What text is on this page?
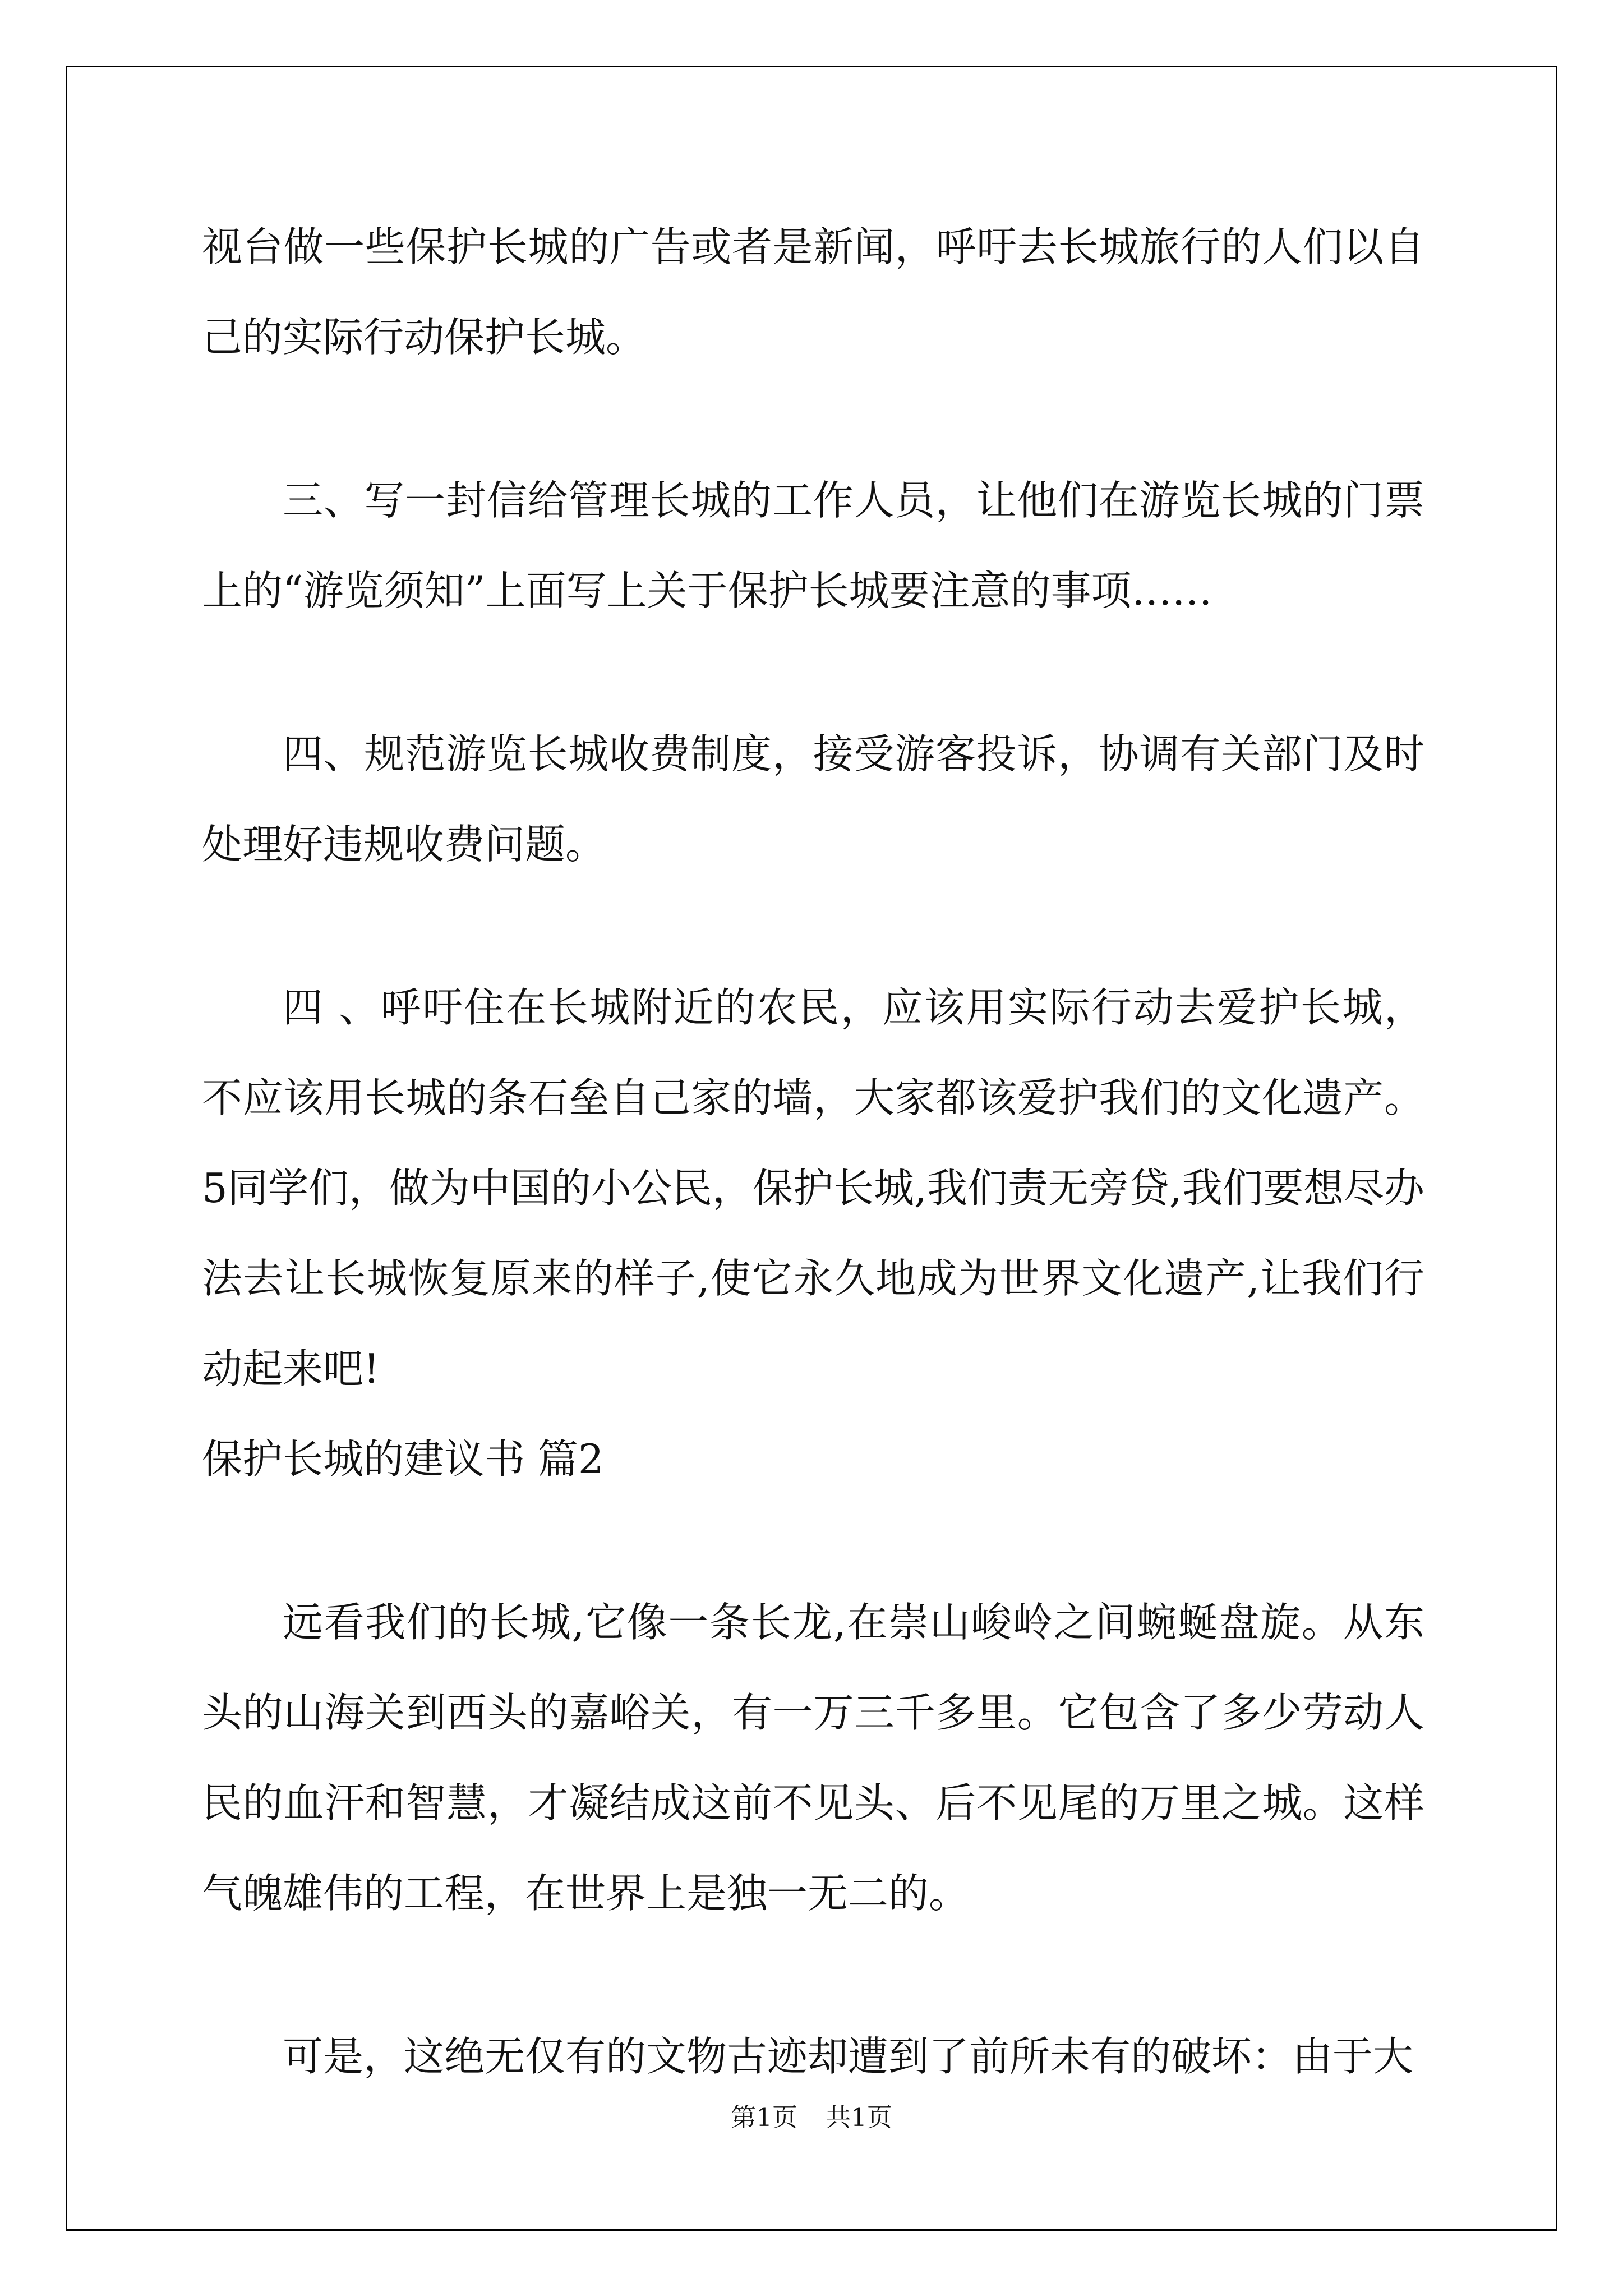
视台做一些保护长城的广告或者是新闻，呼吁去长城旅行的人们以自己的实际行动保护长城。

三、写一封信给管理长城的工作人员，让他们在游览长城的门票上的“游览须知”上面写上关于保护长城要注意的事项……

四、规范游览长城收费制度，接受游客投诉，协调有关部门及时处理好违规收费问题。

四 、呼吁住在长城附近的农民，应该用实际行动去爱护长城，不应该用长城的条石垒自己家的墙，大家都该爱护我们的文化遗产。5同学们，做为中国的小公民，保护长城,我们责无旁贷,我们要想尽办法去让长城恢复原来的样子,使它永久地成为世界文化遗产,让我们行动起来吧!

保护长城的建议书 篇2

远看我们的长城,它像一条长龙,在崇山峻岭之间蜿蜒盘旋。从东头的山海关到西头的嘉峪关，有一万三千多里。它包含了多少劳动人民的血汗和智慧，才凝结成这前不见头、后不见尾的万里之城。这样气魄雄伟的工程，在世界上是独一无二的。

可是，这绝无仅有的文物古迹却遭到了前所未有的破坏：由于大

第1页 共1页
